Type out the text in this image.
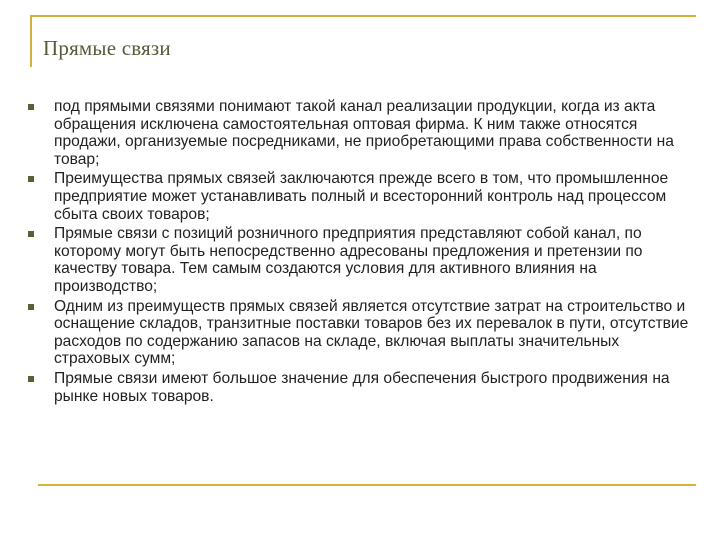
Прямые связи
под прямыми связями понимают такой канал реализации продукции, когда из акта обращения исключена самостоятельная оптовая фирма. К ним также относятся продажи, организуемые посредниками, не приобретающими права собственности на товар;
Преимущества прямых связей заключаются прежде всего в том, что промышленное предприятие может устанавливать полный и всесторонний контроль над процессом сбыта своих товаров;
Прямые связи с позиций розничного предприятия представляют собой канал, по которому могут быть непосредственно адресованы предложения и претензии по качеству товара. Тем самым создаются условия для активного влияния на производство;
Одним из преимуществ прямых связей является отсутствие затрат на строительство и оснащение складов, транзитные поставки товаров без их перевалок в пути, отсутствие расходов по содержанию запасов на складе, включая выплаты значительных страховых сумм;
Прямые связи имеют большое значение для обеспечения быстрого продвижения на рынке новых товаров.
